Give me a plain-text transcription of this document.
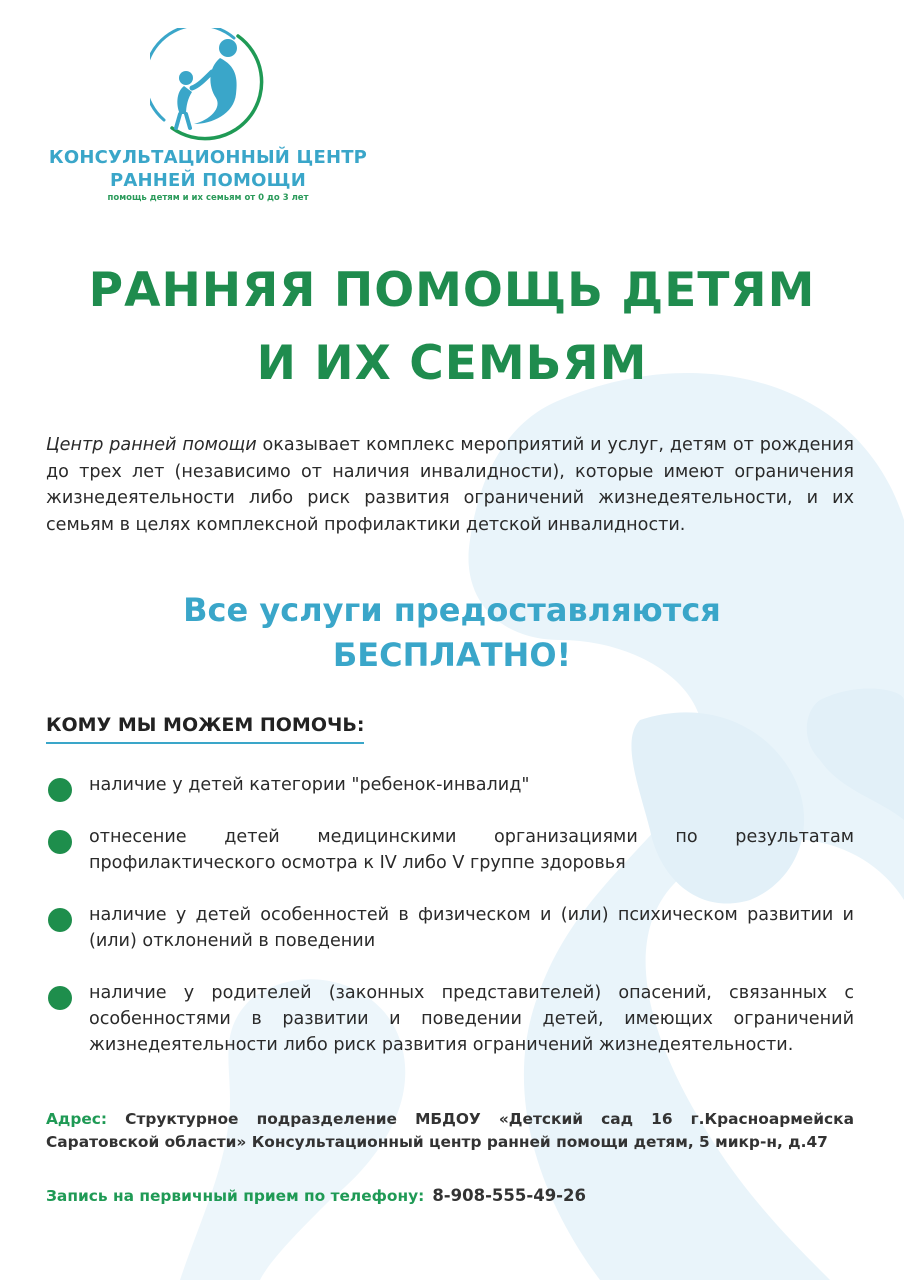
КОНСУЛЬТАЦИОННЫЙ ЦЕНТР
РАННЕЙ ПОМОЩИ
помощь детям и их семьям от 0 до 3 лет
РАННЯЯ ПОМОЩЬ ДЕТЯМ
И ИХ СЕМЬЯМ

Центр ранней помощи оказывает комплекс мероприятий и услуг, детям от рождения до трех лет (независимо от наличия инвалидности), которые имеют ограничения жизнедеятельности либо риск развития ограничений жизнедеятельности, и их семьям в целях комплексной профилактики детской инвалидности.

Все услуги предоставляются
БЕСПЛАТНО!
КОМУ МЫ МОЖЕМ ПОМОЧЬ:
наличие у детей категории "ребенок-инвалид"
отнесение детей медицинскими организациями по результатам профилактического осмотра к IV либо V группе здоровья
наличие у детей особенностей в физическом и (или) психическом развитии и (или) отклонений в поведении
наличие у родителей (законных представителей) опасений, связанных с особенностями в развитии и поведении детей, имеющих ограничений жизнедеятельности либо риск развития ограничений жизнедеятельности.

Адрес: Структурное подразделение МБДОУ «Детский сад 16 г.Красноармейска Саратовской области» Консультационный центр ранней помощи детям, 5 микр-н, д.47

Запись на первичный прием по телефону: 8-908-555-49-26
